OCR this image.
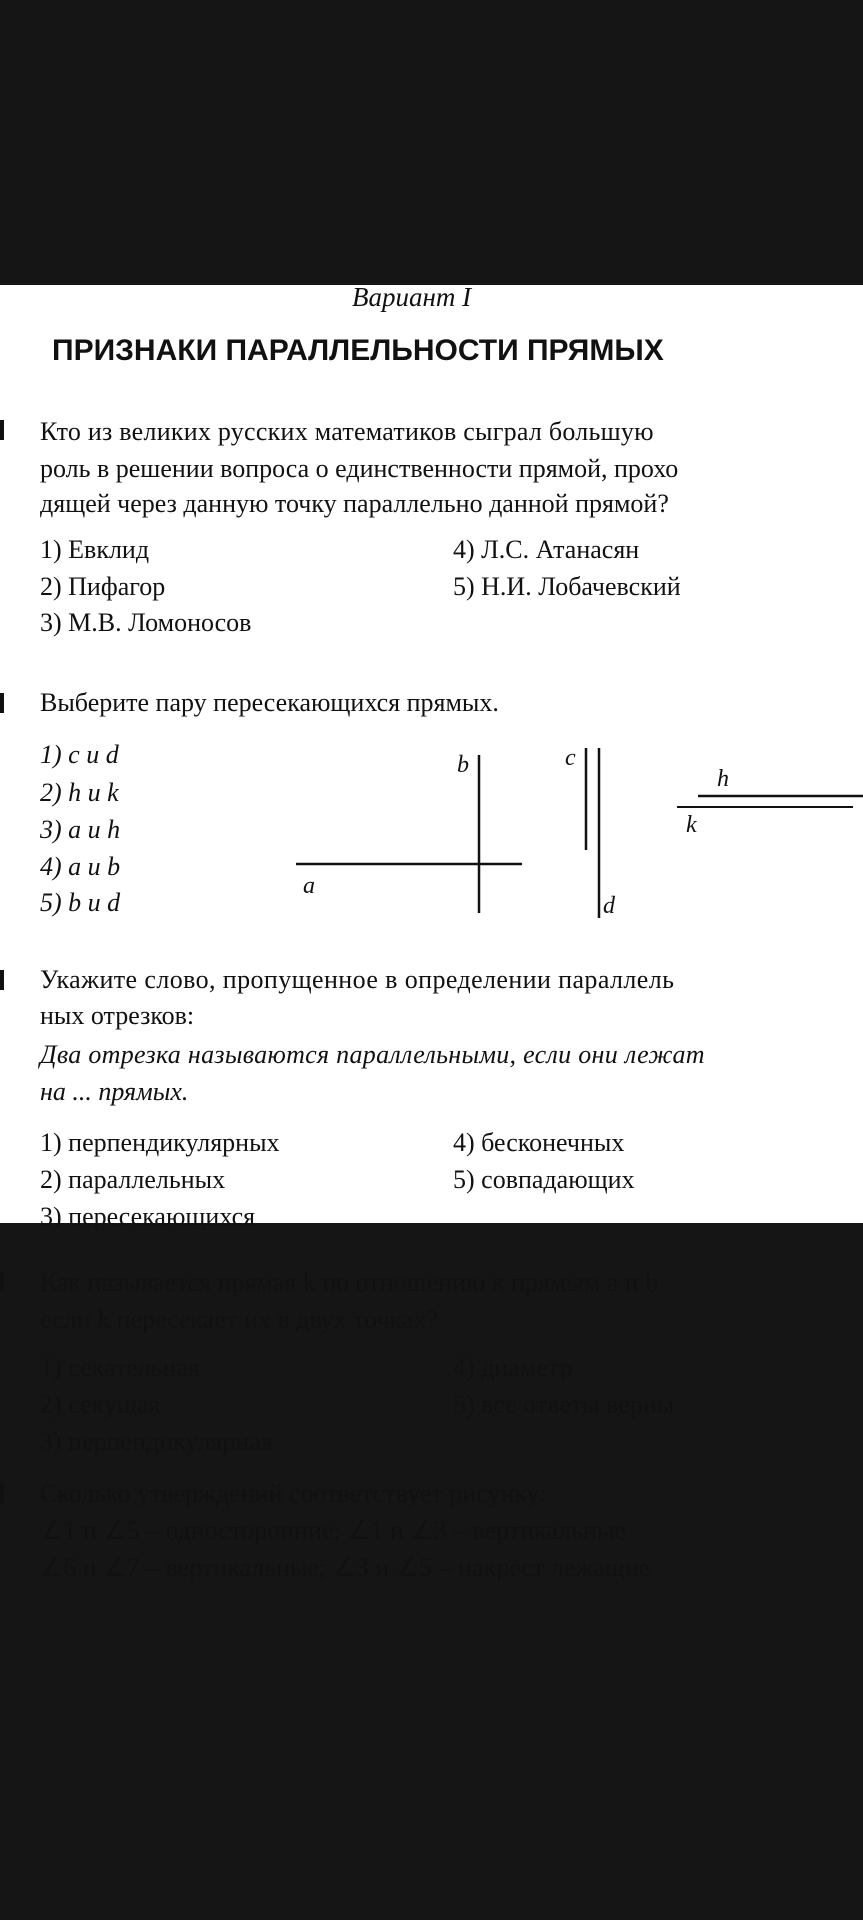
Вариант I
ПРИЗНАКИ ПАРАЛЛЕЛЬНОСТИ ПРЯМЫХ
Кто из великих русских математиков сыграл большую
роль в решении вопроса о единственности прямой, прохо
дящей через данную точку параллельно данной прямой?
1) Евклид
2) Пифагор
3) М.В. Ломоносов
4) Л.С. Атанасян
5) Н.И. Лобачевский
Выберите пару пересекающихся прямых.
1) c и d
2) h и k
3) a и h
4) a и b
5) b и d
b	c
a
d
h
k
Укажите слово, пропущенное в определении параллель
ных отрезков:
Два отрезка называются параллельными, если они лежат
на ... прямых.
1) перпендикулярных
2) параллельных
3) пересекающихся
4) бесконечных
5) совпадающих
Как называется прямая k по отношению к прямым a и b
если k пересекает их в двух точках?
1) секательная
2) секущая
3) перпендикулярная
4) диаметр
5) все ответы верны
Сколько утверждений соответствует рисунку:
∠1 и ∠5 – односторонние; ∠1 и ∠3 – вертикальные
∠6 и ∠7 – вертикальные; ∠3 и ∠5 – накрест лежащие
